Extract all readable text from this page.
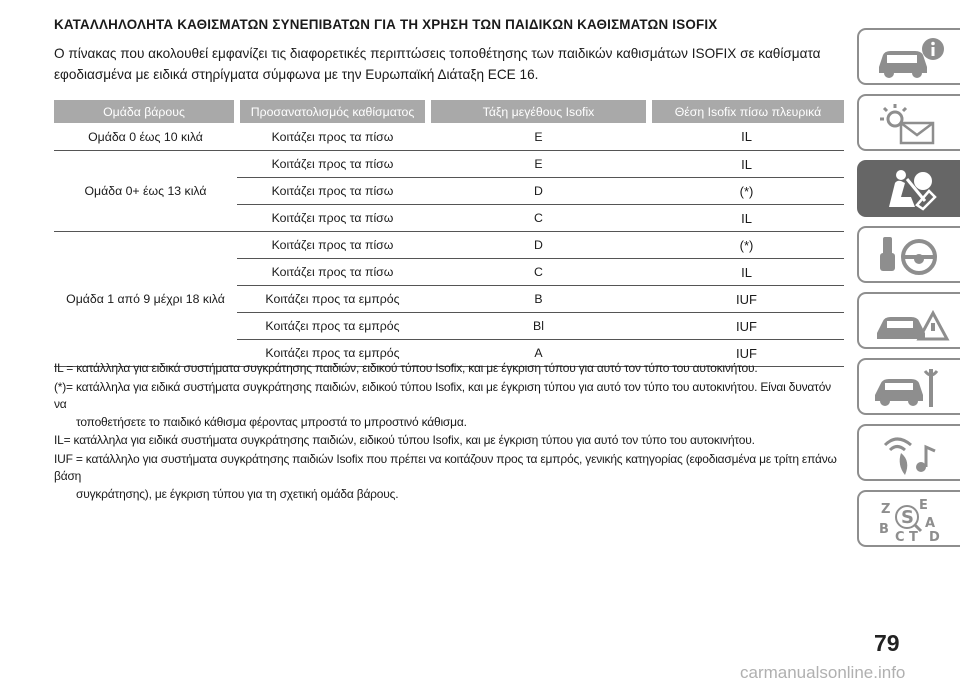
ΚΑΤΑΛΛΗΛΟΛΗΤΑ ΚΑΘΙΣΜΑΤΩΝ ΣΥΝΕΠΙΒΑΤΩΝ ΓΙΑ ΤΗ ΧΡΗΣΗ ΤΩΝ ΠΑΙΔΙΚΩΝ ΚΑΘΙΣΜΑΤΩΝ ISOFIX
Ο πίνακας που ακολουθεί εμφανίζει τις διαφορετικές περιπτώσεις τοποθέτησης των παιδικών καθισμάτων ISOFIX σε καθίσματα εφοδιασμένα με ειδικά στηρίγματα σύμφωνα με την Ευρωπαϊκή Διάταξη ECE 16.
Ομάδα βάρους	Προσανατολισμός καθίσματος	Τάξη μεγέθους Isofix	Θέση Isofix πίσω πλευρικά
Ομάδα 0 έως 10 κιλά	Κοιτάζει προς τα πίσω	E	IL
Ομάδα 0+ έως 13 κιλά	Κοιτάζει προς τα πίσω	E	IL
	Κοιτάζει προς τα πίσω	D	(*)
	Κοιτάζει προς τα πίσω	C	IL
Ομάδα 1 από 9 μέχρι 18 κιλά	Κοιτάζει προς τα πίσω	D	(*)
	Κοιτάζει προς τα πίσω	C	IL
	Κοιτάζει προς τα εμπρός	B	IUF
	Κοιτάζει προς τα εμπρός	Bl	IUF
	Κοιτάζει προς τα εμπρός	A	IUF
IL = κατάλληλα για ειδικά συστήματα συγκράτησης παιδιών, ειδικού τύπου Isofix, και με έγκριση τύπου για αυτό τον τύπο του αυτοκινήτου.
(*)= κατάλληλα για ειδικά συστήματα συγκράτησης παιδιών, ειδικού τύπου Isofix, και με έγκριση τύπου για αυτό τον τύπο του αυτοκινήτου. Είναι δυνατόν να
τοποθετήσετε το παιδικό κάθισμα φέροντας μπροστά το μπροστινό κάθισμα.
IL= κατάλληλα για ειδικά συστήματα συγκράτησης παιδιών, ειδικού τύπου Isofix, και με έγκριση τύπου για αυτό τον τύπο του αυτοκινήτου.
IUF = κατάλληλο για συστήματα συγκράτησης παιδιών Isofix που πρέπει να κοιτάζουν προς τα εμπρός, γενικής κατηγορίας (εφοδιασμένα με τρίτη επάνω βάση
συγκράτησης), με έγκριση τύπου για τη σχετική ομάδα βάρους.
Z E
B
S A
C T D
79
carmanualsonline.info
